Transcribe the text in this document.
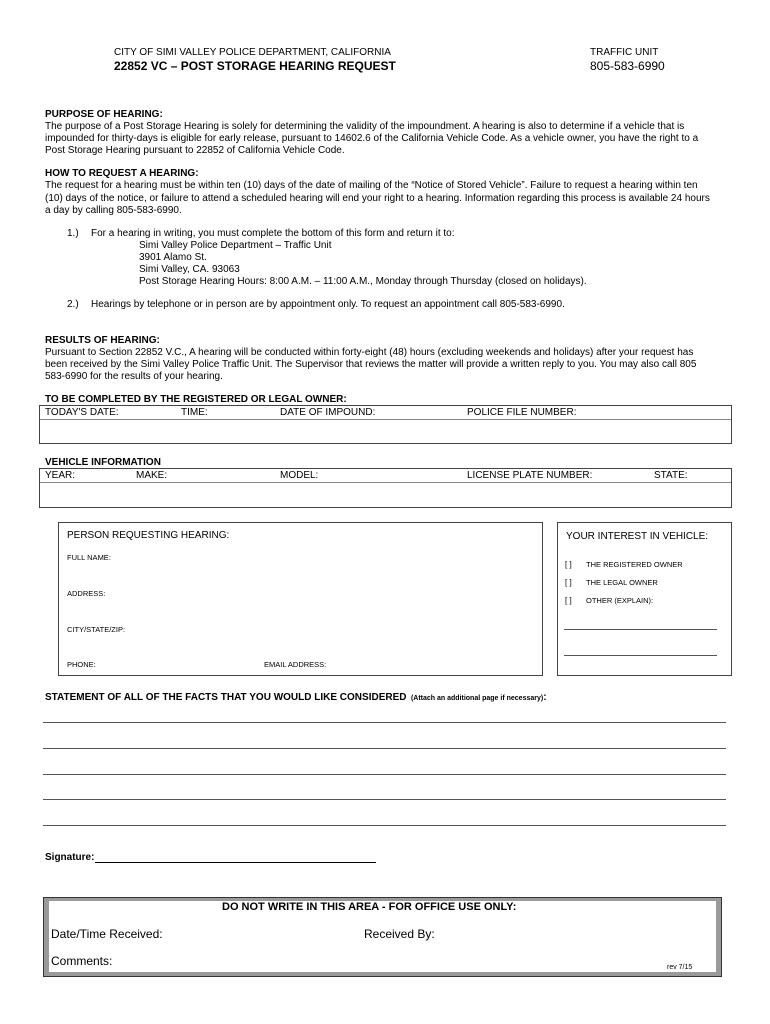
CITY OF SIMI VALLEY POLICE DEPARTMENT, CALIFORNIA	TRAFFIC UNIT
22852 VC – POST STORAGE HEARING REQUEST	805-583-6990
PURPOSE OF HEARING:
The purpose of a Post Storage Hearing is solely for determining the validity of the impoundment. A hearing is also to determine if a vehicle that is
impounded for thirty-days is eligible for early release, pursuant to 14602.6 of the California Vehicle Code. As a vehicle owner, you have the right to a
Post Storage Hearing pursuant to 22852 of California Vehicle Code.
HOW TO REQUEST A HEARING:
The request for a hearing must be within ten (10) days of the date of mailing of the “Notice of Stored Vehicle”. Failure to request a hearing within ten
(10) days of the notice, or failure to attend a scheduled hearing will end your right to a hearing. Information regarding this process is available 24 hours
a day by calling 805-583-6990.
1.) For a hearing in writing, you must complete the bottom of this form and return it to:
Simi Valley Police Department – Traffic Unit
3901 Alamo St.
Simi Valley, CA. 93063
Post Storage Hearing Hours: 8:00 A.M. – 11:00 A.M., Monday through Thursday (closed on holidays).
2.) Hearings by telephone or in person are by appointment only. To request an appointment call 805-583-6990.
RESULTS OF HEARING:
Pursuant to Section 22852 V.C., A hearing will be conducted within forty-eight (48) hours (excluding weekends and holidays) after your request has
been received by the Simi Valley Police Traffic Unit. The Supervisor that reviews the matter will provide a written reply to you. You may also call 805
583-6990 for the results of your hearing.
TO BE COMPLETED BY THE REGISTERED OR LEGAL OWNER:
TODAY'S DATE:	TIME:	DATE OF IMPOUND:	POLICE FILE NUMBER:
VEHICLE INFORMATION
YEAR:	MAKE:	MODEL:	LICENSE PLATE NUMBER:	STATE:
PERSON REQUESTING HEARING:
FULL NAME:
ADDRESS:
CITY/STATE/ZIP:
PHONE:	EMAIL ADDRESS:
YOUR INTEREST IN VEHICLE:
[ ] THE REGISTERED OWNER
[ ] THE LEGAL OWNER
[ ] OTHER (EXPLAIN):
STATEMENT OF ALL OF THE FACTS THAT YOU WOULD LIKE CONSIDERED (Attach an additional page if necessary):
Signature:
DO NOT WRITE IN THIS AREA - FOR OFFICE USE ONLY:
Date/Time Received:	Received By:
Comments:	rev 7/15
